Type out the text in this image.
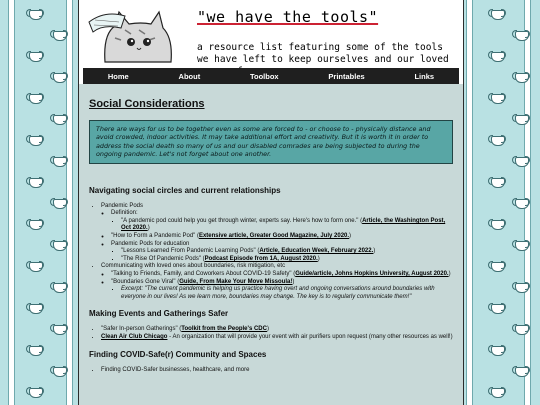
"we have the tools"
a resource list featuring some of the tools we have left to keep ourselves and our loved
Home	About	Toolbox	Printables	Links
Social Considerations
There are ways for us to be together even as some are forced to - or choose to - physically distance and avoid crowded, indoor activities. It may take additional effort and creativity. But it is worth it in order to address the social death so many of us and our disabled comrades are being subjected to during the ongoing pandemic. Let's not forget about one another.
Navigating social circles and current relationships
• Pandemic Pods
◦ Definition:
▪ "A pandemic pod could help you get through winter, experts say. Here's how to form one." (Article, the Washington Post, Oct 2020.)
◦ "How to Form a Pandemic Pod" (Extensive article, Greater Good Magazine, July 2020.)
◦ Pandemic Pods for education
▪ "Lessons Learned From Pandemic Learning Pods" (Article, Education Week, February 2022.)
▪ "The Rise Of Pandemic Pods" (Podcast Episode from 1A, August 2020.)
• Communicating with loved ones about boundaries, risk mitigation, etc
◦ "Talking to Friends, Family, and Coworkers About COVID-19 Safety" (Guide/article, Johns Hopkins University, August 2020.)
◦ "Boundaries Gone Viral" (Guide, From Make Your Move Missoula!)
▪ Excerpt: "The current pandemic is helping us practice having overt and ongoing conversations around boundaries with everyone in our lives! As we learn more, boundaries may change. The key is to regularly communicate them!"
Making Events and Gatherings Safer
• "Safer In-person Gatherings" (Toolkit from the People's CDC)
• Clean Air Club Chicago - An organization that will provide your event with air purifiers upon request (many other resources as well!)
Finding COVID-Safe(r) Community and Spaces
• Finding COVID-Safer businesses, healthcare, and more
